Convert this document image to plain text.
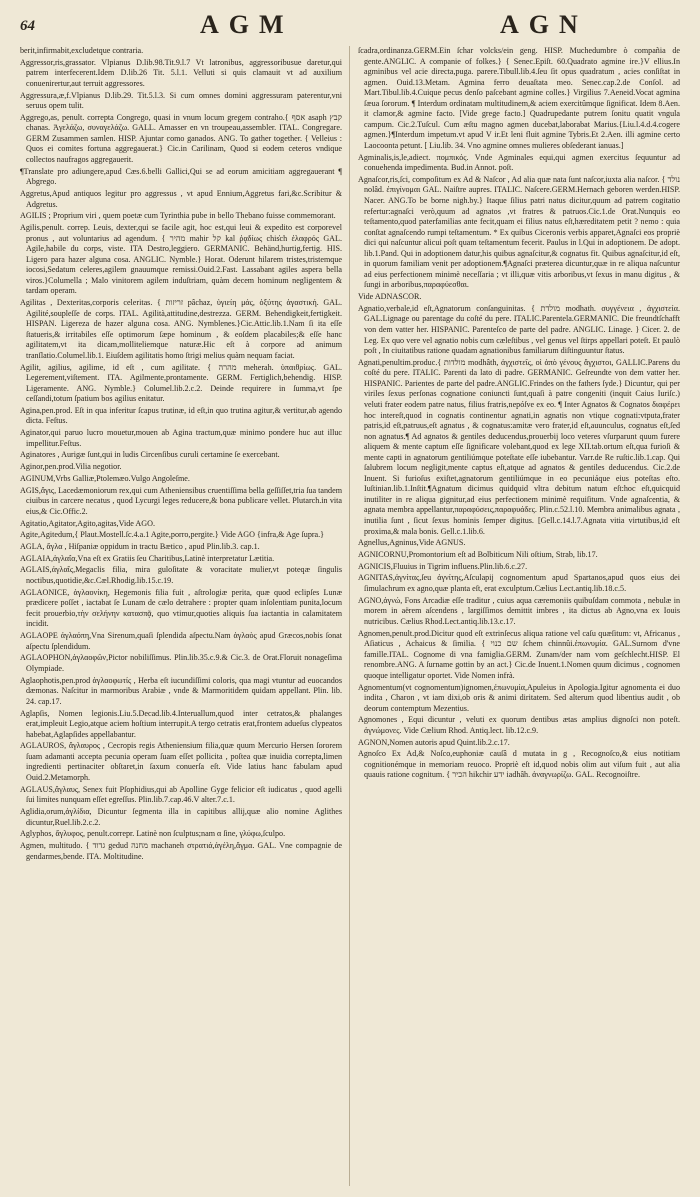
64	AGM	AGN
berit,infirmabit,excludetque contraria.
Aggressor,ris,grassator. Vlpianus D.lib.98.Tit.9.l.7 Vt latronibus, aggressoribusue daretur,qui patrem interfecerent.Idem D.lib.26 Tit. 5.l.1. Velluti si quis clamauit vt ad auxilium conuenirertur,aut terruit aggressores.
Aggressura,æ,f.Vlpianus D.lib.29. Tit.5.l.3. Si cum omnes domini aggressuram paterentur,vni seruus opem tulit.
Aggrego,as, penult. correpta Congrego, quasi in vnum locum gregem contraho.{ אסף asaph קבץ chanas. Ἀγελάζω, συναγελάζω. GALL. Amasser en vn troupeau,assembler. ITAL. Congregare. GERM Zusammen samlen. HISP. Ajuntar como ganados. ANG. To gather together. { Velleius : Quos ei comites fortuna aggregauerat.} Cic.in Carilinam, Quod si eodem ceteros vndique collectos naufragos aggregauerit.
¶Translate pro adiungere,apud Cæs.6.belli Gallici,Qui se ad eorum amicitiam aggregauerant ¶ Abgrego.
Aggretus,Apud antiquos legitur pro aggressus , vt apud Ennium,Aggretus fari,&c.Scribitur & Adgretus.
AGILIS ; Proprium viri , quem poetæ cum Tyrinthia pube in bello Thebano fuisse commemorant.
Agilis,penult. correp. Leuis, dexter,qui se facile agit, hoc est,qui leui & expedito est corporevel pronus , aut voluntarius ad agendum. { מהיר mahir קל kal ῥᾳδίως chis̓ch ἐλαφρός GAL. Agile,habile du corps, viste. ITA Destro,leggiero. GERMANIC. Behänd,hurtig,fertig. HIS. Ligero para hazer alguna cosa. ANGLIC. Nymble.} Horat. Oderunt hilarem tristes,tristemque iocosi,Sedatum celeres,agilem gnauumque remissi.Ouid.2.Fast. Lassabant agiles aspera bella viros.}Columella ; Malo vinitorem agilem induſtriam, quàm decem hominum negligentem & tardam operam.
Agilitas , Dexteritas,corporis celeritas. { זריזות pâchaz, ὑγιείη μάς, ὀξύτης ἀγαστική. GAL. Agilité,soupleſſe de corps. ITAL. Agilità,attitudine,destrezza. GERM. Behendigkeit,fertigkeit. HISPAN. Ligereza de hazer alguna cosa. ANG. Nymblenes.}Cic.Attic.lib.1.Nam ſi ita eſſe ſtatueris,& irritabiles eſſe optimorum ſæpe hominum , & eoſdem placabiles;& eſſe hanc agilitatem,vt ita dicam,molliteliemque naturæ.Hic eſt à corpore ad animum tranſlatio.Columel.lib.1. Eiuſdem agilitatis homo ſtrigi melius quàm nequam faciat.
Agilit, agilius, agilime, id eſt , cum agilitate. { מהרה meherah. ὑπαιθρίως. GAL. Legerement,viſtement. ITA. Agilmente,prontamente. GERM. Fertiglich,behendig. HISP. Ligeramente. ANG. Nymble.} Columel.lib.2.c.2. Deinde requirere in ſumma,vt ſpe ceſſandi,totum ſpatium bos agilius enitatur.
Agina,pen.prod. Eſt in qua inferitur ſcapus trutinæ, id eſt,in quo trutina agitur,& vertitur,ab agendo dicta. Feſtus.
Aginator,qui paruo lucro mouetur,mouen ab Agina tractum,quæ minimo pondere huc aut illuc impellitur.Feſtus.
Aginatores , Aurigæ ſunt,qui in ludis Circenſibus curuli certamine ſe exercebant.
Aginor,pen.prod.Vilia negotior.
AGINUM,Vrbs Galliæ,Ptolemæo.Vulgo Angoleſme.
AGIS,ἄγις, Lacedæmoniorum rex,qui cum Atheniensibus cruentiſſima bella geſſiſſet,tria ſua tandem ciuibus in carcere necatus , quod Lycurgi leges reducere,& bona publicare vellet. Plutarch.in vita eius,& Cic.Offic.2.
Agitatio,Agitator,Agito,agitas,Vide AGO.
Agite,Agitedum,{ Plaut.Mostell.ſc.4.a.1 Agite,porro,pergite.} Vide AGO {infra,& Age ſupra.}
AGLA, ἄγλα , Hiſpaniæ oppidum in tractu Bætico , apud Plin.lib.3. cap.1.
AGLAIA,ἀγλαΐα,Vna eſt ex Gratiis ſeu Charitibus,Latinè interpretatur Lætitia.
AGLAIS,ἀγλαΐς,Megaclis filia, mira guloſitate & voracitate mulier,vt poteqæ ſingulis noctibus,quotidie,&c.Cæl.Rhodig.lib.15.c.19.
AGLAONICE, ἀγλαονίκη, Hegemonis filia fuit , aſtrologiæ perita, quæ quod eclipſes Lunæ prædicere poſſet , iactabat ſe Lunam de cælo detrahere : propter quam inſolentiam punita,locum fecit prouerbio,τὴν σελήνην κατασπᾷ, quo vtimur,quoties aliquis ſua iactantia in calamitatem incidit.
AGLAOPE ἀγλαόπη,Vna Sirenum,quaſi ſplendida aſpectu.Nam ἀγλαὸς apud Græcos,nobis ſonat aſpectu ſplendidum.
AGLAOPHON,ἀγλαοφῶν,Pictor nobiliſſimus. Plin.lib.35.c.9.& Cic.3. de Orat.Floruit nonageſima Olympiade.
Aglaophotis,pen.prod ἀγλαοφωτίς , Herba eſt iucundiſſimi coloris, qua magi vtuntur ad euocandos dæmonas. Naſcitur in marmoribus Arabiæ , vnde & Marmoritidem quidam appellant. Plin. lib. 24. cap.17.
Aglapſis, Nomen legionis.Liu.5.Decad.lib.4.Interuallum,quod inter cetratos,& phalanges erat,impleuit Legio,atque aciem hoſtium interrupit.A tergo cetratis erat,frontem adueſus clypeatos habebat,Aglapſides appellabantur.
AGLAUROS, ἄγλαυρος , Cecropis regis Atheniensium filia,quæ quum Mercurio Hersen ſororem ſuam adamanti accepta pecunia operam ſuam eſſet pollicita , poſtea quæ inuidia correpta,limen ingredienti pertinaciter obſtaret,in ſaxum conuerſa eſt. Vide latius hanc fabulam apud Ouid.2.Metamorph.
AGLAUS,ἄγλαυς, Senex fuit Pſophidius,qui ab Apolline Gyge felicior eſt iudicatus , quod agelli ſui limites nunquam eſſet egreſſus. Plin.lib.7.cap.46.V alter.7.c.1.
Aglidia,orum,ἀγλίδια, Dicuntur ſegmenta illa in capitibus allij,quæ alio nomine Aglithes dicuntur,Ruel.lib.2.c.2.
Aglyphos, ἄγλυφος, penult.correpr. Latinè non ſculptus;nam α ſine, γλύφω,ſculpo.
Agmen, multitudo. { גדוד gedud מחנה machaneh στρατιά,ἀγέλη,ἄγμα. GAL. Vne compagnie de gendarmes,bende. ITA. Moltitudine.
ſcadra,ordinanza.GERM.Ein ſchar volcks/ein geng. HISP. Muchedumbre ò compañia de gente.ANGLIC. A companie of folkes.} { Senec.Epiſt. 60.Quadrato agmine ire.}V ellius.In agminibus vel acie directa,puga. parere.Tibull.lib.4.ſeu ſit opus quadratum , acies conſiſtat in agmen. Ouid.13.Metam. Agmina ferro deuaſtata meo. Senec.cap.2.de Conſol. ad Mart.Tibul.lib.4.Cuique pecus denſo paſcebant agmine colles.} Virgilius 7.Aeneid.Vocat agmina ſæua ſororum. ¶ Interdum ordinatam multitudinem,& aciem exercitûmque ſignificat. Idem 8.Aen. it clamor,& agmine facto. [Vide grege facto.] Quadrupedante putrem ſonitu quatit vngula campum. Cic.2.Tuſcul. Cum æſtu magno agmen ducebat,laborabat Marius.{Liu.l.4.d.4.cogere agmen.}¶Interdum impetum.vt apud V ir.Et leni fluit agmine Tybris.Et 2.Aen. illi agmine certo Laocoonta petunt. [ Liu.lib. 34. Vno agmine omnes mulieres obſederant ianuas.]
Agminalis,is,le,adiect. πομπικός. Vnde Agminales equi,qui agmen exercitus ſequuntur ad conuehenda impedimenta. Bud.in Annot. poſt.
Agnaſcor,ris,ſci, compoſitum ex Ad & Naſcor , Ad alia quæ nata ſunt naſcor,iuxta alia naſcor. { נולד nolâd. ἐπιγίνομαι GAL. Naiſtre aupres. ITALIC. Naſcere.GERM.Hernach geboren werden.HISP. Nacer. ANG.To be borne nigh.by.} Itaque ſilius patri natus dicitur,quum ad patrem cogitatio refertur:agnaſci verò,quum ad agnatos ,vt fratres & patruos.Cic.1.de Orat.Nunquis eo teſtamento,quod paterfamilias ante fecit,quam ei filius natus eſt,hæreditatem petit ? nemo : quia conſtat agnaſcendo rumpi teſtamentum. * Ex quibus Ciceronis verbis apparet,Agnaſci eos propriè dici qui naſcuntur alicui poſt quam teſtamentum fecerit. Paulus in l.Qui in adoptionem. De adopt. lib.1.Pand. Qui in adoptionem datur,his quibus agnaſcitur,& cognatus fit. Quibus agnaſcitur,id eſt, in quorum familiam venit per adoptionem.¶Agnaſci præterea dicuntur,quæ in re aliqua naſcuntur ad eius perfectionem minimè neceſſaria ; vt illi,quæ vitis arboribus,vt ſexus in manu digitus , & ſungi in arboribus,παραφύεσθαι.
Vide ADNASCOR.
Agnatio,verbale,id eſt,Agnatorum conſanguinitas. { מולדת modhath. συγγένεια , ἀγχιστεία. GAL.Lignage ou parentage du coſté du pere. ITALIC.Parentela.GERMANIC. Die freundtſchafft von dem vatter her. HISPANIC. Parenteſco de parte del padre. ANGLIC. Linage. } Cicer. 2. de Leg. Ex quo vere vel agnatio nobis cum cæleſtibus , vel genus vel ſtirps appellari poteſt. Et paulò poſt , In ciuitatibus ratione quadam agnationibus familiarum diſtinguuntur ſtatus.
Agnati,penultim.produc.{ מולדות modhâth, ἀγχιστεῖς, οἱ ἀπὸ γένους ἄγχιστοι, GALLIC.Parens du coſté du pere. ITALIC. Parenti da lato di padre. GERMANIC. Geſreundte von dem vatter her. HISPANIC. Parientes de parte del padre.ANGLIC.Frindes on the fathers ſyde.} Dicuntur, qui per viriles ſexus perſonas cognatione coniuncti ſunt,quaſi à patre congeniti (inquit Caius Iuriſc.) veluti frater eodem patre natus, filius fratris,nepóſve ex eo. ¶ Inter Agnatos & Cognatos διαφέρει hoc intereſt,quod in cognatis continentur agnati,in agnatis non vtique cognati:vtputa,frater patris,id eſt,patruus,eſt agnatus , & cognatus:amitæ vero frater,id eſt,auunculus, cognatus eſt,ſed non agnatus.¶ Ad agnatos & gentiles deducendus,prouerbij loco veteres vſurparunt quum furere aliquem & mente captum eſſe ſignificare volebant,quod ex lege XII.tab.ortum eſt,qua furioſi & mente capti in agnatorum gentiliúmque poteſtate eſſe iubebantur. Varr.de Re ruſtic.lib.1.cap. Qui ſalubrem locum negligit,mente captus eſt,atque ad agnatos & gentiles deducendus. Cic.2.de Inuent. Si furioſus exiſtet,agnatorum gentiliúmque in eo pecuniáque eius poteſtas eſto. Iuſtinian.lib.1.Inſtit.¶Agnatum dicimus quidquid vltra debitum natum eſt:hoc eſt,quicquid inutiliter in re aliqua gignitur,ad eius perfectionem minimè requiſitum. Vnde agnaſcentia, & agnata membra appellantur,παραφύσεις,παραφυάδες. Plin.c.52.l.10. Membra animalibus agnata , inutilia ſunt , ſicut ſexus hominis ſemper digitus. [Gell.c.14.l.7.Agnata vitia virtutibus,id eſt proxima,& mala bonis. Gell.c.1.lib.6.
Agnellus,Agninus,Vide AGNUS.
AGNICORNU,Promontorium eſt ad Bolbiticum Nili oſtium, Strab, lib.17.
AGNICIS,Fluuius in Tigrim influens.Plin.lib.6.c.27.
AGNITAS,ἀγνίτας,ſeu ἁγνίτης,Aſculapij cognomentum apud Spartanos,apud quos eius dei ſimulachrum ex agno,quæ planta eſt, erat exculptum.Cælius Lect.antiq.lib.18.c.5.
AGNO,ἁγνώ, Fons Arcadiæ eſſe traditur , cuius aqua cæremoniis quibuſdam commota , nebulæ in morem in aërem aſcendens , largiſſimos demittit imbres , ita dictus ab Agno,vna ex Iouis nutricibus. Cælius Rhod.Lect.antiq.lib.13.c.17.
Agnomen,penult.prod.Dicitur quod eſt extrinſecus aliqua ratione vel caſu quæſitum: vt, Africanus , Aſiaticus , Achaicus & ſimilia. { שם כנוי ſchem chinnûi.ἐπωνυμία. GAL.Surnom d'vne famille.ITAL. Cognome di vna famiglia.GERM. Zunam/der nam vom geſchlecht.HISP. El renombre.ANG. A ſurname gottin by an act.} Cic.de Inuent.1.Nomen quum dicimus , cognomen quoque intelligatur oportet. Vide Nomen infrà.
Agnomentum(vt cognomentum)ignomen,ἐπωνυμία,Apuleius in Apologia.Igitur agnomenta ei duo indita , Charon , vt iam dixi,ob oris & animi diritatem. Sed alterum quod libentius audit , ob deorum contemptum Mezentius.
Agnomones , Equi dicuntur , veluti ex quorum dentibus ætas amplius dignoſci non poteſt. ἀγνώμονες. Vide Cælium Rhod. Antiq.lect. lib.12.c.9.
AGNON,Nomen autoris apud Quint.lib.2.c.17.
Agnoſco Ex Ad,& Noſco,euphoniæ cauſâ d mutata in g , Recognoſco,& eius notitiam cognitionémque in memoriam reuoco. Propriè eſt id,quod nobis olim aut viſum fuit , aut alia quauis ratione cognitum. { הכיר hikchir ידע iadhâh. ἀναγνωρίζω. GAL. Recognoiſtre.
